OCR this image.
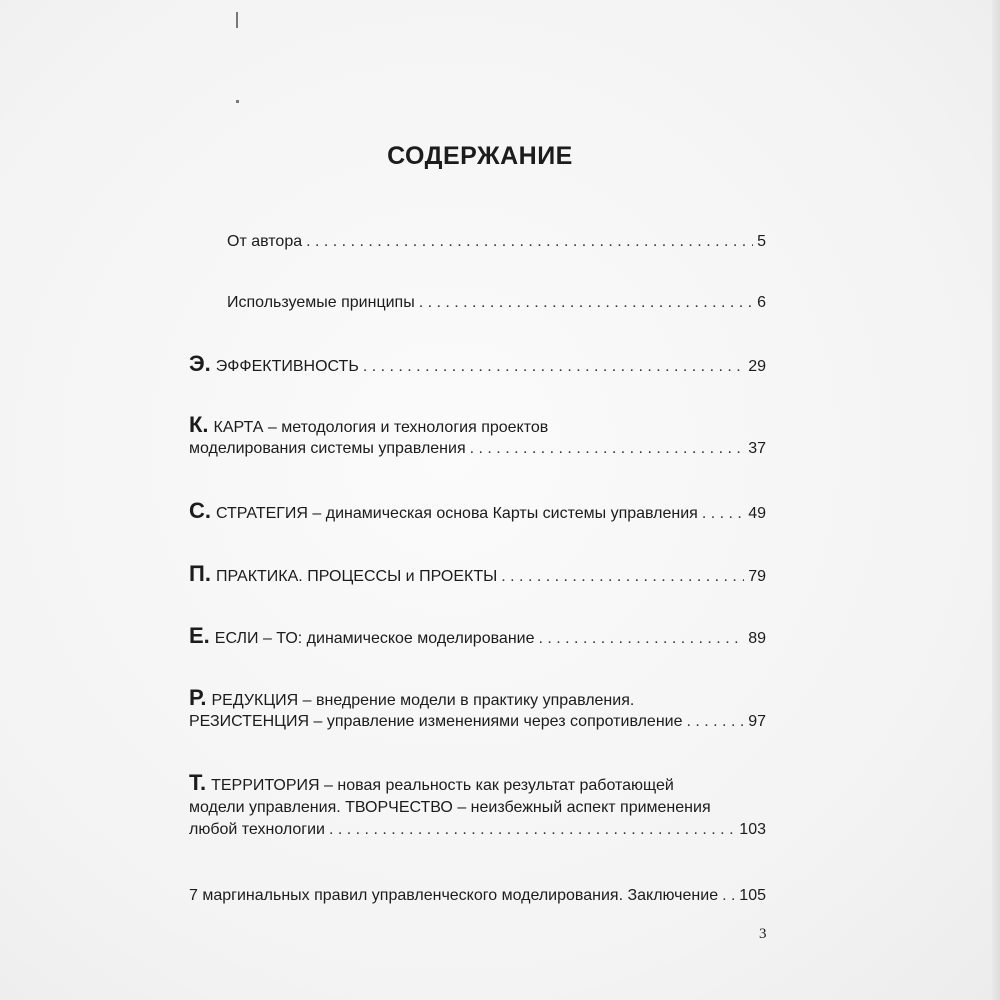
СОДЕРЖАНИЕ
От автора . . .	5
Используемые принципы . . .	6
Э. ЭФФЕКТИВНОСТЬ . . .	29
К. КАРТА – методология и технология проектов
моделирования системы управления . . .	37
С. СТРАТЕГИЯ – динамическая основа Карты системы управления . . .	49
П. ПРАКТИКА. ПРОЦЕССЫ и ПРОЕКТЫ . . .	79
Е. ЕСЛИ – ТО: динамическое моделирование . . .	89
Р. РЕДУКЦИЯ – внедрение модели в практику управления.
РЕЗИСТЕНЦИЯ – управление изменениями через сопротивление . . .	97
Т. ТЕРРИТОРИЯ – новая реальность как результат работающей
модели управления. ТВОРЧЕСТВО – неизбежный аспект применения
любой технологии . . .	103
7 маргинальных правил управленческого моделирования. Заключение . . . 105
3
